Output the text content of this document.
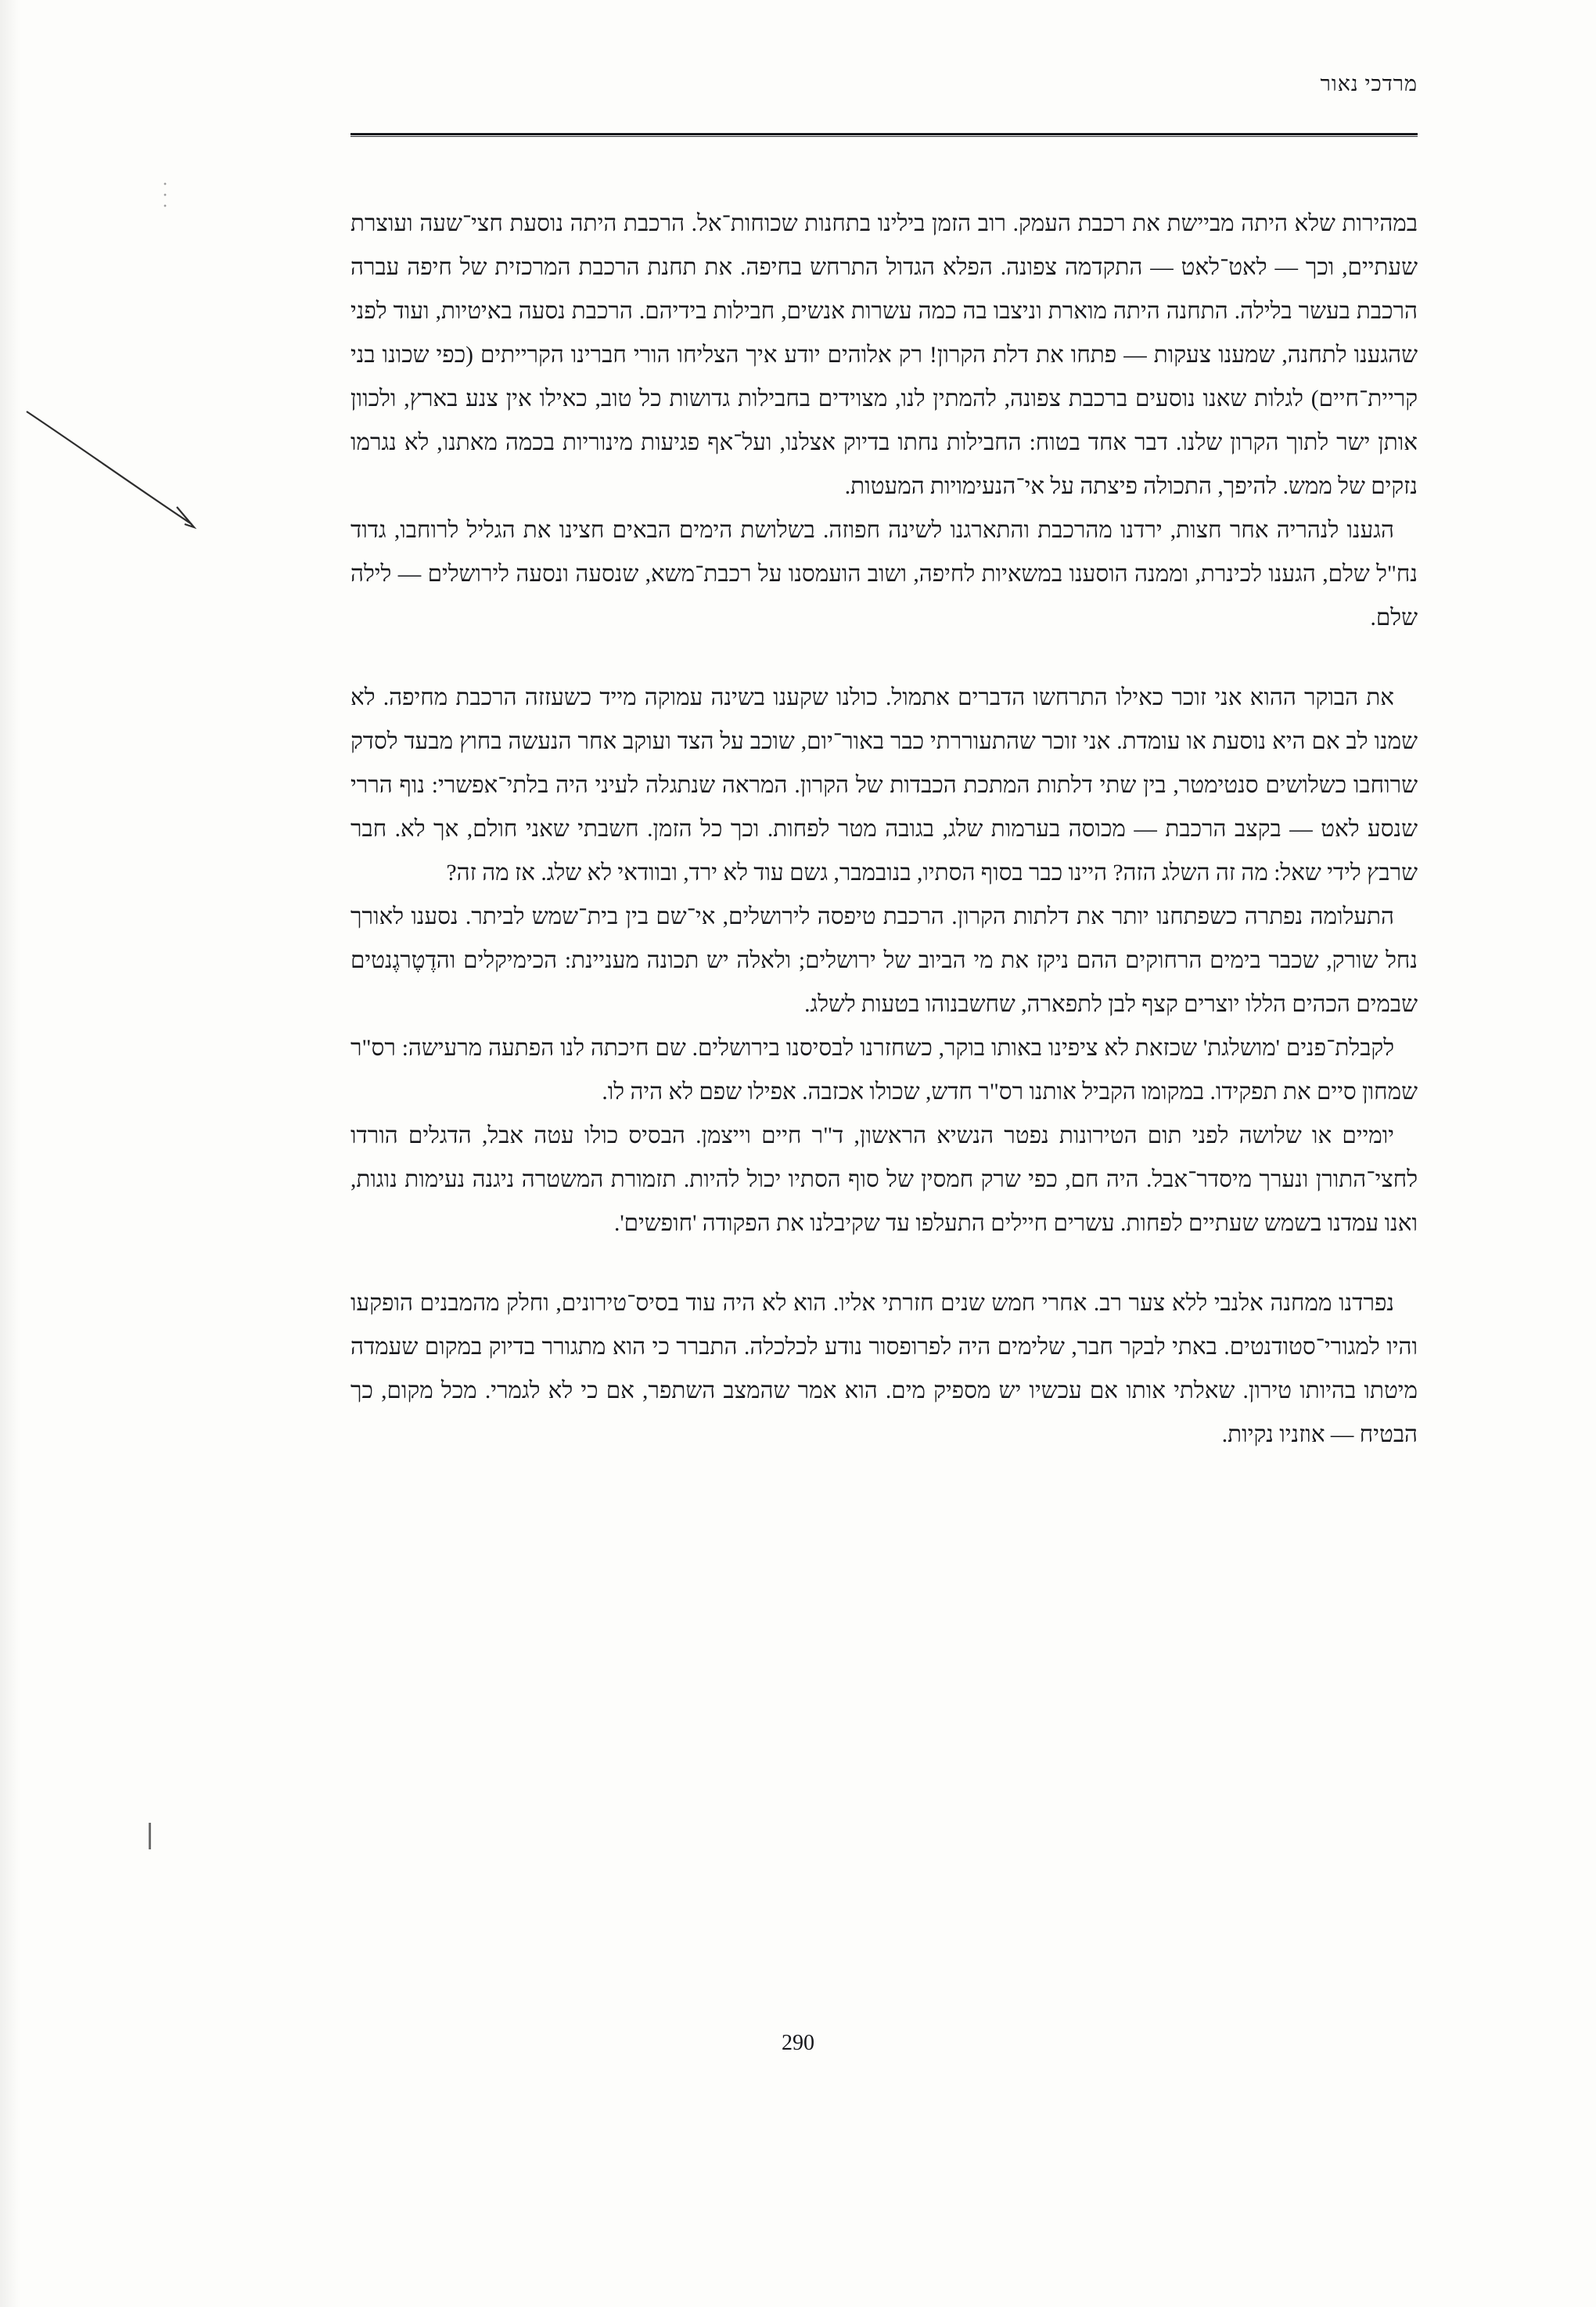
מרדכי נאור

במהירות שלא היתה מביישת את רכבת העמק. רוב הזמן בילינו בתחנות שכוחות־אל. הרכבת היתה נוסעת חצי־שעה ועוצרת שעתיים, וכך — לאט־לאט — התקדמה צפונה. הפלא הגדול התרחש בחיפה. את תחנת הרכבת המרכזית של חיפה עברה הרכבת בעשר בלילה. התחנה היתה מוארת וניצבו בה כמה עשרות אנשים, חבילות בידיהם. הרכבת נסעה באיטיות, ועוד לפני שהגענו לתחנה, שמענו צעקות — פתחו את דלת הקרון! רק אלוהים יודע איך הצליחו הורי חברינו הקרייתים (כפי שכונו בני קריית־חיים) לגלות שאנו נוסעים ברכבת צפונה, להמתין לנו, מצוידים בחבילות גדושות כל טוב, כאילו אין צנע בארץ, ולכוון אותן ישר לתוך הקרון שלנו. דבר אחד בטוח: החבילות נחתו בדיוק אצלנו, ועל־אף פגיעות מינוריות בכמה מאתנו, לא נגרמו נזקים של ממש. להיפך, התכולה פיצתה על אי־הנעימויות המעטות.

הגענו לנהריה אחר חצות, ירדנו מהרכבת והתארגנו לשינה חפוזה. בשלושת הימים הבאים חצינו את הגליל לרוחבו, גדוד נח"ל שלם, הגענו לכינרת, וממנה הוסענו במשאיות לחיפה, ושוב הועמסנו על רכבת־משא, שנסעה ונסעה לירושלים — לילה שלם.

את הבוקר ההוא אני זוכר כאילו התרחשו הדברים אתמול. כולנו שקענו בשינה עמוקה מייד כשעזזה הרכבת מחיפה. לא שמנו לב אם היא נוסעת או עומדת. אני זוכר שהתעוררתי כבר באור־יום, שוכב על הצד ועוקב אחר הנעשה בחוץ מבעד לסדק שרוחבו כשלושים סנטימטר, בין שתי דלתות המתכת הכבדות של הקרון. המראה שנתגלה לעיני היה בלתי־אפשרי: נוף הררי שנסע לאט — בקצב הרכבת — מכוסה בערמות שלג, בגובה מטר לפחות. וכך כל הזמן. חשבתי שאני חולם, אך לא. חבר שרבץ לידי שאל: מה זה השלג הזה? היינו כבר בסוף הסתיו, בנובמבר, גשם עוד לא ירד, ובוודאי לא שלג. אז מה זה?

התעלומה נפתרה כשפתחנו יותר את דלתות הקרון. הרכבת טיפסה לירושלים, אי־שם בין בית־שמש לביתר. נסענו לאורך נחל שורק, שכבר בימים הרחוקים ההם ניקז את מי הביוב של ירושלים; ולאלה יש תכונה מעניינת: הכימיקלים והדֶטֶרגֶנטים שבמים הכהים הללו יוצרים קצף לבן לתפארה, שחשבנוהו בטעות לשלג.

לקבלת־פנים 'מושלגת' שכזאת לא ציפינו באותו בוקר, כשחזרנו לבסיסנו בירושלים. שם חיכתה לנו הפתעה מרעישה: רס"ר שמחון סיים את תפקידו. במקומו הקביל אותנו רס"ר חדש, שכולו אכזבה. אפילו שפם לא היה לו.

יומיים או שלושה לפני תום הטירונות נפטר הנשיא הראשון, ד"ר חיים וייצמן. הבסיס כולו עטה אבל, הדגלים הורדו לחצי־התורן ונערך מיסדר־אבל. היה חם, כפי שרק חמסין של סוף הסתיו יכול להיות. תזמורת המשטרה ניגנה נעימות נוגות, ואנו עמדנו בשמש שעתיים לפחות. עשרים חיילים התעלפו עד שקיבלנו את הפקודה 'חופשים'.

נפרדנו ממחנה אלנבי ללא צער רב. אחרי חמש שנים חזרתי אליו. הוא לא היה עוד בסיס־טירונים, וחלק מהמבנים הופקעו והיו למגורי־סטודנטים. באתי לבקר חבר, שלימים היה לפרופסור נודע לכלכלה. התברר כי הוא מתגורר בדיוק במקום שעמדה מיטתו בהיותו טירון. שאלתי אותו אם עכשיו יש מספיק מים. הוא אמר שהמצב השתפר, אם כי לא לגמרי. מכל מקום, כך הבטיח — אוזניו נקיות.

290
